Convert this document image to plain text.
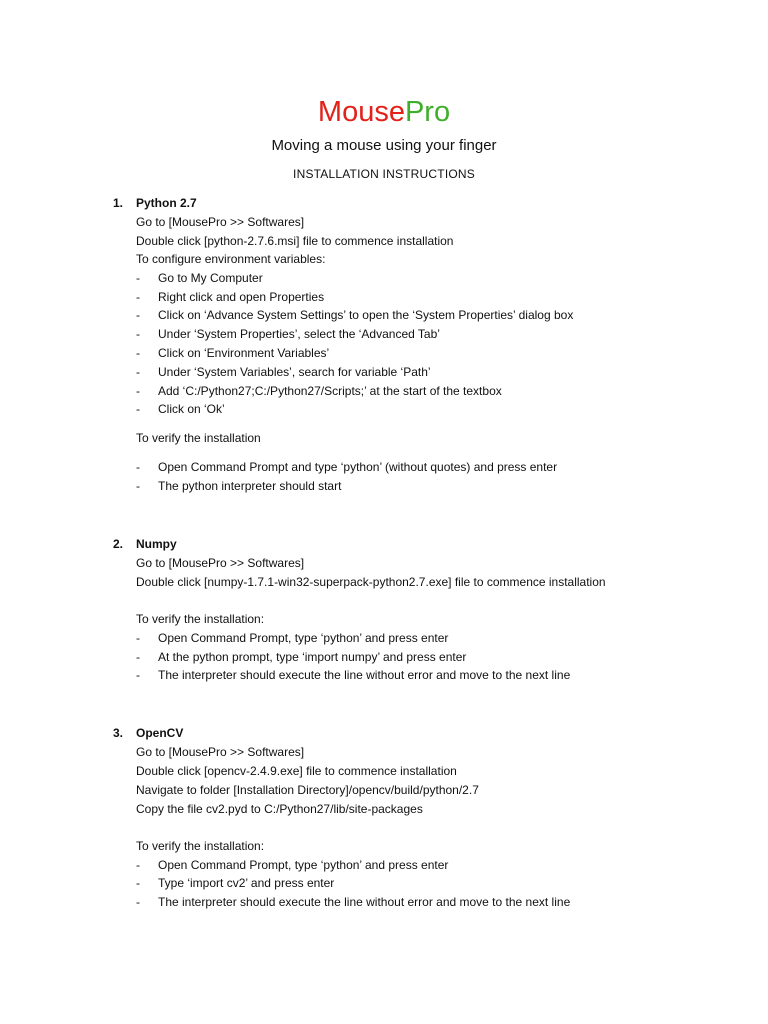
MousePro
Moving a mouse using your finger
INSTALLATION INSTRUCTIONS
1. Python 2.7
Go to [MousePro >> Softwares]
Double click [python-2.7.6.msi] file to commence installation
To configure environment variables:
- Go to My Computer
- Right click and open Properties
- Click on ‘Advance System Settings’ to open the ‘System Properties’ dialog box
- Under ‘System Properties’, select the ‘Advanced Tab’
- Click on ‘Environment Variables’
- Under ‘System Variables’, search for variable ‘Path’
- Add ‘C:/Python27;C:/Python27/Scripts;’ at the start of the textbox
- Click on ‘Ok’
To verify the installation
- Open Command Prompt and type ‘python’ (without quotes) and press enter
- The python interpreter should start
2. Numpy
Go to [MousePro >> Softwares]
Double click [numpy-1.7.1-win32-superpack-python2.7.exe] file to commence installation
To verify the installation:
- Open Command Prompt, type ‘python’ and press enter
- At the python prompt, type ‘import numpy’ and press enter
- The interpreter should execute the line without error and move to the next line
3. OpenCV
Go to [MousePro >> Softwares]
Double click [opencv-2.4.9.exe] file to commence installation
Navigate to folder [Installation Directory]/opencv/build/python/2.7
Copy the file cv2.pyd to C:/Python27/lib/site-packages
To verify the installation:
- Open Command Prompt, type ‘python’ and press enter
- Type ‘import cv2’ and press enter
- The interpreter should execute the line without error and move to the next line
